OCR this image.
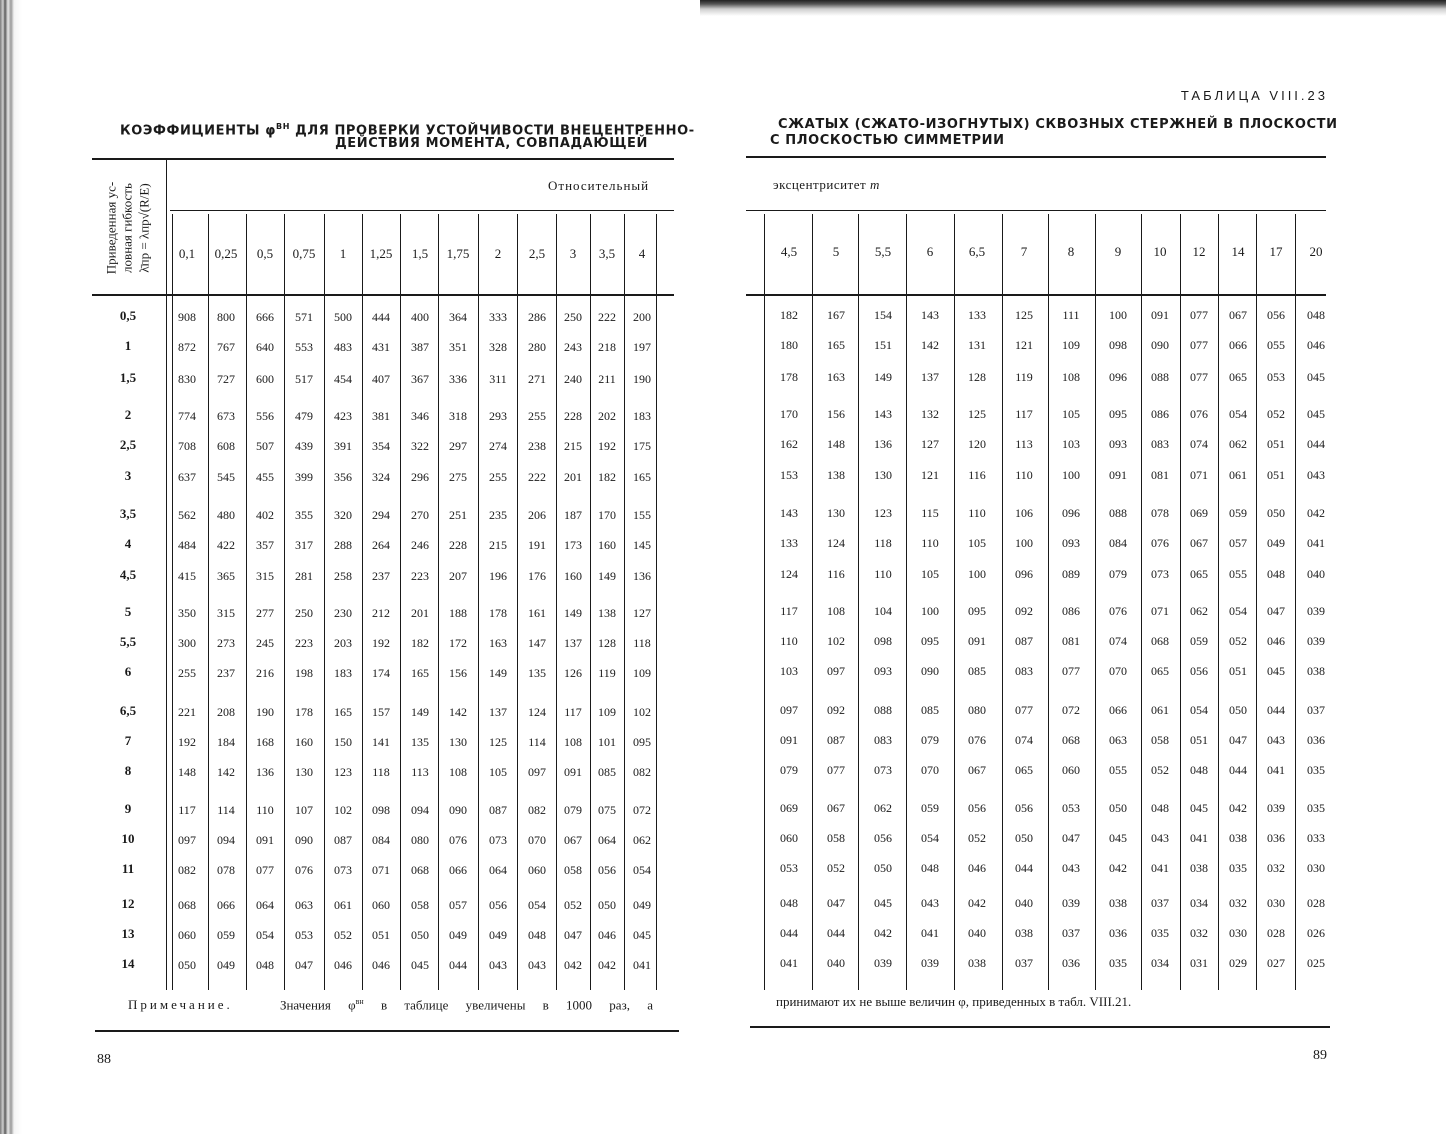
КОЭФФИЦИЕНТЫ $\varphi^{ВН}$ ДЛЯ ПРОВЕРКИ УСТОЙЧИВОСТИ ВНЕЦЕНТРЕННО-
ДЕЙСТВИЯ МОМЕНТА, СОВПАДАЮЩЕЙ
ТАБЛИЦА VIII.23
СЖАТЫХ (СЖАТО-ИЗОГНУТЫХ) СКВОЗНЫХ СТЕРЖНЕЙ В ПЛОСКОСТИ
С ПЛОСКОСТЬЮ СИММЕТРИИ
Приведенная ус- ловная гибкость λ̄пр = λпр√(R/E)	Относительный	эксцентриситет m
0,1	0,25	0,5	0,75	1	1,25	1,5	1,75	2	2,5	3	3,5	4	4,5	5	5,5	6	6,5	7	8	9	10	12	14	17	20
0,5	908	800	666	571	500	444	400	364	333	286	250	222	200	182	167	154	143	133	125	111	100	091	077	067	056	048
1	872	767	640	553	483	431	387	351	328	280	243	218	197	180	165	151	142	131	121	109	098	090	077	066	055	046
1,5	830	727	600	517	454	407	367	336	311	271	240	211	190	178	163	149	137	128	119	108	096	088	077	065	053	045
2	774	673	556	479	423	381	346	318	293	255	228	202	183	170	156	143	132	125	117	105	095	086	076	054	052	045
2,5	708	608	507	439	391	354	322	297	274	238	215	192	175	162	148	136	127	120	113	103	093	083	074	062	051	044
3	637	545	455	399	356	324	296	275	255	222	201	182	165	153	138	130	121	116	110	100	091	081	071	061	051	043
3,5	562	480	402	355	320	294	270	251	235	206	187	170	155	143	130	123	115	110	106	096	088	078	069	059	050	042
4	484	422	357	317	288	264	246	228	215	191	173	160	145	133	124	118	110	105	100	093	084	076	067	057	049	041
4,5	415	365	315	281	258	237	223	207	196	176	160	149	136	124	116	110	105	100	096	089	079	073	065	055	048	040
5	350	315	277	250	230	212	201	188	178	161	149	138	127	117	108	104	100	095	092	086	076	071	062	054	047	039
5,5	300	273	245	223	203	192	182	172	163	147	137	128	118	110	102	098	095	091	087	081	074	068	059	052	046	039
6	255	237	216	198	183	174	165	156	149	135	126	119	109	103	097	093	090	085	083	077	070	065	056	051	045	038
6,5	221	208	190	178	165	157	149	142	137	124	117	109	102	097	092	088	085	080	077	072	066	061	054	050	044	037
7	192	184	168	160	150	141	135	130	125	114	108	101	095	091	087	083	079	076	074	068	063	058	051	047	043	036
8	148	142	136	130	123	118	113	108	105	097	091	085	082	079	077	073	070	067	065	060	055	052	048	044	041	035
9	117	114	110	107	102	098	094	090	087	082	079	075	072	069	067	062	059	056	056	053	050	048	045	042	039	035
10	097	094	091	090	087	084	080	076	073	070	067	064	062	060	058	056	054	052	050	047	045	043	041	038	036	033
11	082	078	077	076	073	071	068	066	064	060	058	056	054	053	052	050	048	046	044	043	042	041	038	035	032	030
12	068	066	064	063	061	060	058	057	056	054	052	050	049	048	047	045	043	042	040	039	038	037	034	032	030	028
13	060	059	054	053	052	051	050	049	049	048	047	046	045	044	044	042	041	040	038	037	036	035	032	030	028	026
14	050	049	048	047	046	046	045	044	043	043	042	042	041	041	040	039	039	038	037	036	035	034	031	029	027	025
Примечание.	Значения $\varphi^{вн}$ в таблице увеличены в 1000 раз, а	принимают их не выше величин φ, приведенных в табл. VIII.21.
88	89
